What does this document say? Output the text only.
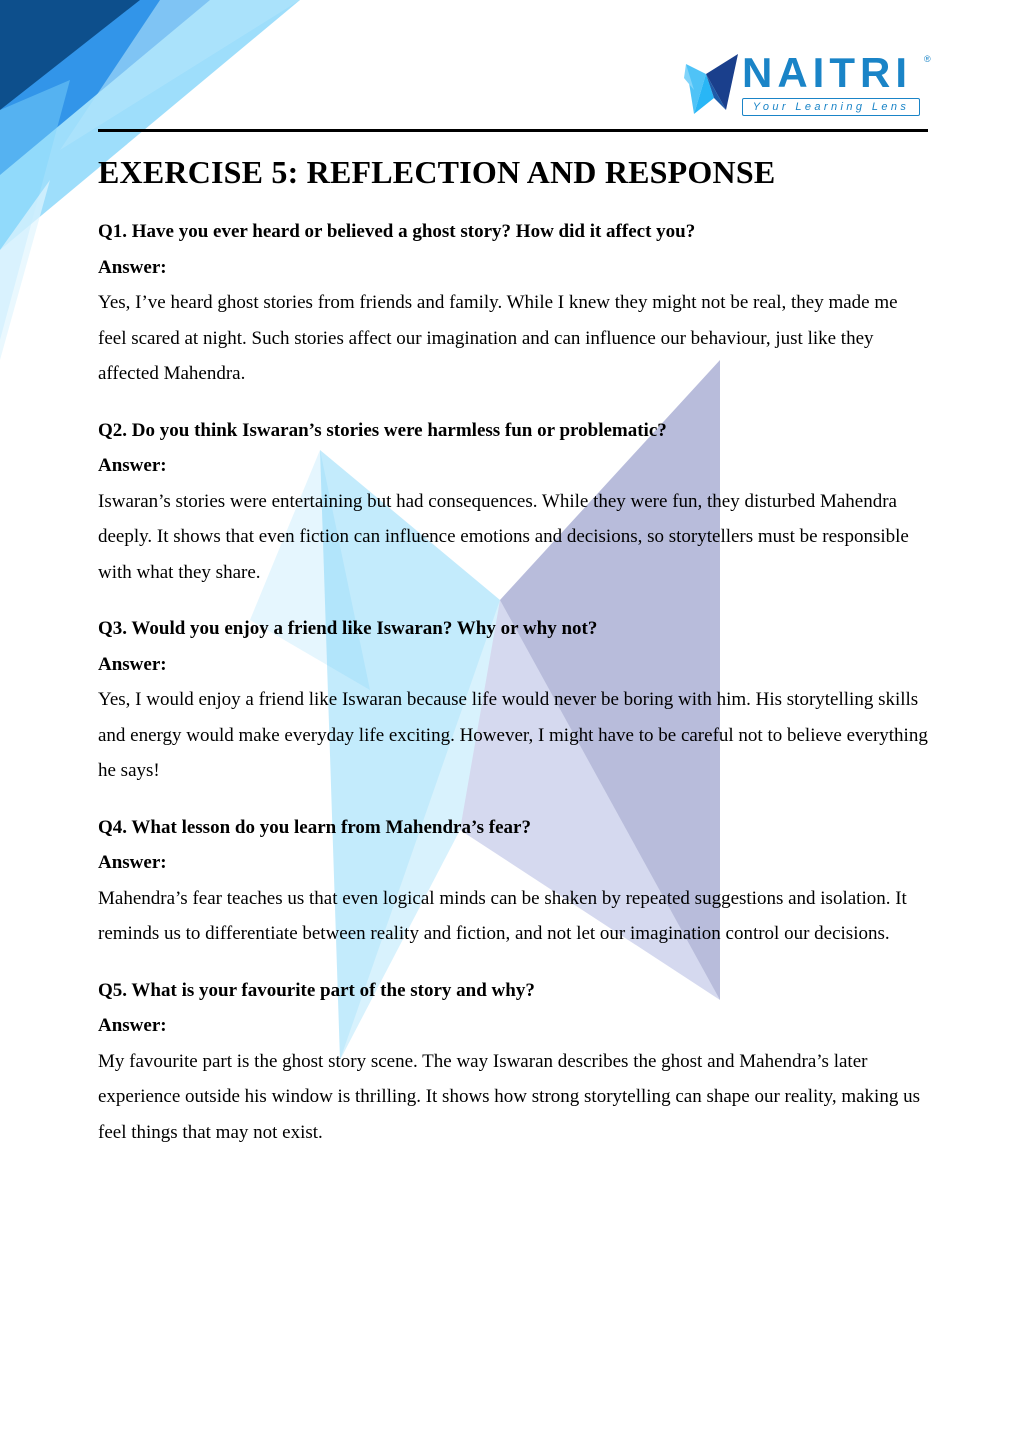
NAITRI ®
Your Learning Lens
EXERCISE 5: REFLECTION AND RESPONSE

Q1. Have you ever heard or believed a ghost story? How did it affect you?

Answer:

Yes, I’ve heard ghost stories from friends and family. While I knew they might not be real, they made me feel scared at night. Such stories affect our imagination and can influence our behaviour, just like they affected Mahendra.

Q2. Do you think Iswaran’s stories were harmless fun or problematic?

Answer:

Iswaran’s stories were entertaining but had consequences. While they were fun, they disturbed Mahendra deeply. It shows that even fiction can influence emotions and decisions, so storytellers must be responsible with what they share.

Q3. Would you enjoy a friend like Iswaran? Why or why not?

Answer:

Yes, I would enjoy a friend like Iswaran because life would never be boring with him. His storytelling skills and energy would make everyday life exciting. However, I might have to be careful not to believe everything he says!

Q4. What lesson do you learn from Mahendra’s fear?

Answer:

Mahendra’s fear teaches us that even logical minds can be shaken by repeated suggestions and isolation. It reminds us to differentiate between reality and fiction, and not let our imagination control our decisions.

Q5. What is your favourite part of the story and why?

Answer:

My favourite part is the ghost story scene. The way Iswaran describes the ghost and Mahendra’s later experience outside his window is thrilling. It shows how strong storytelling can shape our reality, making us feel things that may not exist.
